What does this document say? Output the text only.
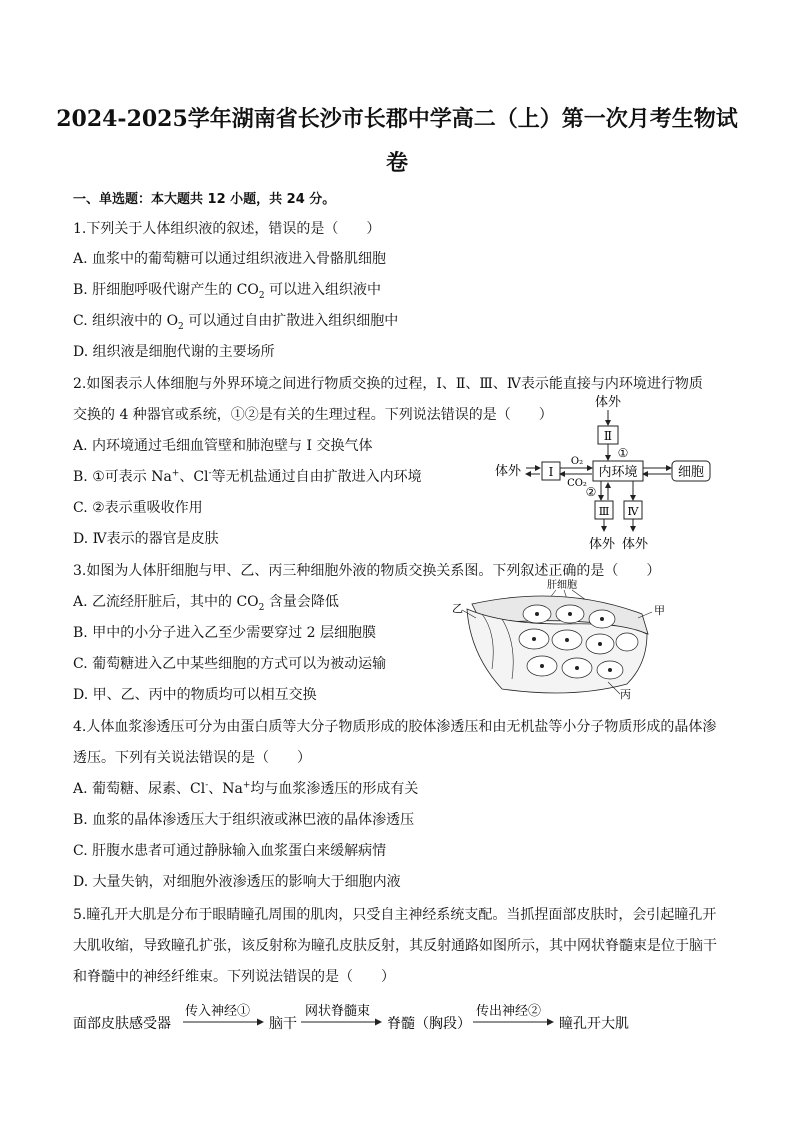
2024-2025学年湖南省长沙市长郡中学高二（上）第一次月考生物试
卷
一、单选题：本大题共 12 小题，共 24 分。
1.下列关于人体组织液的叙述，错误的是（　　）
A. 血浆中的葡萄糖可以通过组织液进入骨骼肌细胞
B. 肝细胞呼吸代谢产生的 $CO_2$ 可以进入组织液中
C. 组织液中的 $O_2$ 可以通过自由扩散进入组织细胞中
D. 组织液是细胞代谢的主要场所
2.如图表示人体细胞与外界环境之间进行物质交换的过程，Ⅰ、Ⅱ、Ⅲ、Ⅳ表示能直接与内环境进行物质
交换的 4 种器官或系统，①②是有关的生理过程。下列说法错误的是（　　）
A. 内环境通过毛细血管壁和肺泡壁与 I 交换气体
B. ①可表示 Na+、Cl-等无机盐通过自由扩散进入内环境
C. ②表示重吸收作用
D. Ⅳ表示的器官是皮肤
体外
Ⅱ
①
体外 I
O₂
CO₂
内环境	细胞
②
Ⅲ Ⅳ
体外 体外
3.如图为人体肝细胞与甲、乙、丙三种细胞外液的物质交换关系图。下列叙述正确的是（　　）
A. 乙流经肝脏后，其中的 $CO_2$ 含量会降低
B. 甲中的小分子进入乙至少需要穿过 2 层细胞膜
C. 葡萄糖进入乙中某些细胞的方式可以为被动运输
D. 甲、乙、丙中的物质均可以相互交换
肝细胞
乙	甲
丙
4.人体血浆渗透压可分为由蛋白质等大分子物质形成的胶体渗透压和由无机盐等小分子物质形成的晶体渗
透压。下列有关说法错误的是（　　）
A. 葡萄糖、尿素、Cl-、Na+均与血浆渗透压的形成有关
B. 血浆的晶体渗透压大于组织液或淋巴液的晶体渗透压
C. 肝腹水患者可通过静脉输入血浆蛋白来缓解病情
D. 大量失钠，对细胞外液渗透压的影响大于细胞内液
5.瞳孔开大肌是分布于眼睛瞳孔周围的肌肉，只受自主神经系统支配。当抓捏面部皮肤时，会引起瞳孔开
大肌收缩，导致瞳孔扩张，该反射称为瞳孔皮肤反射，其反射通路如图所示，其中网状脊髓束是位于脑干
和脊髓中的神经纤维束。下列说法错误的是（　　）
面部皮肤感受器
传入神经①
脑干
网状脊髓束
脊髓（胸段）
传出神经②
瞳孔开大肌
